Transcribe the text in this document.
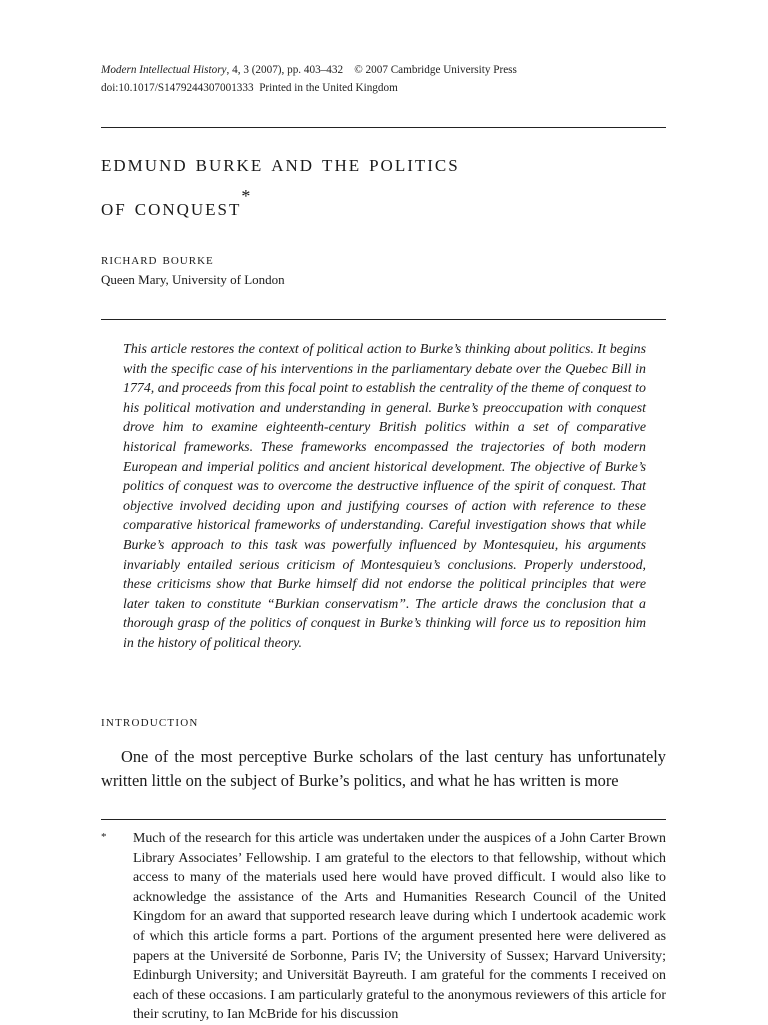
Modern Intellectual History, 4, 3 (2007), pp. 403–432 © 2007 Cambridge University Press
doi:10.1017/S1479244307001333 Printed in the United Kingdom
edmund burke and the politics
of conquest*
richard bourke
Queen Mary, University of London

This article restores the context of political action to Burke’s thinking about politics. It begins with the specific case of his interventions in the parliamentary debate over the Quebec Bill in 1774, and proceeds from this focal point to establish the centrality of the theme of conquest to his political motivation and understanding in general. Burke’s preoccupation with conquest drove him to examine eighteenth-century British politics within a set of comparative historical frameworks. These frameworks encompassed the trajectories of both modern European and imperial politics and ancient historical development. The objective of Burke’s politics of conquest was to overcome the destructive influence of the spirit of conquest. That objective involved deciding upon and justifying courses of action with reference to these comparative historical frameworks of understanding. Careful investigation shows that while Burke’s approach to this task was powerfully influenced by Montesquieu, his arguments invariably entailed serious criticism of Montesquieu’s conclusions. Properly understood, these criticisms show that Burke himself did not endorse the political principles that were later taken to constitute “Burkian conservatism”. The article draws the conclusion that a thorough grasp of the politics of conquest in Burke’s thinking will force us to reposition him in the history of political theory.

introduction

One of the most perceptive Burke scholars of the last century has unfortunately written little on the subject of Burke’s politics, and what he has written is more

* Much of the research for this article was undertaken under the auspices of a John Carter Brown Library Associates’ Fellowship. I am grateful to the electors to that fellowship, without which access to many of the materials used here would have proved difficult. I would also like to acknowledge the assistance of the Arts and Humanities Research Council of the United Kingdom for an award that supported research leave during which I undertook academic work of which this article forms a part. Portions of the argument presented here were delivered as papers at the Université de Sorbonne, Paris IV; the University of Sussex; Harvard University; Edinburgh University; and Universität Bayreuth. I am grateful for the comments I received on each of these occasions. I am particularly grateful to the anonymous reviewers of this article for their scrutiny, to Ian McBride for his discussion
